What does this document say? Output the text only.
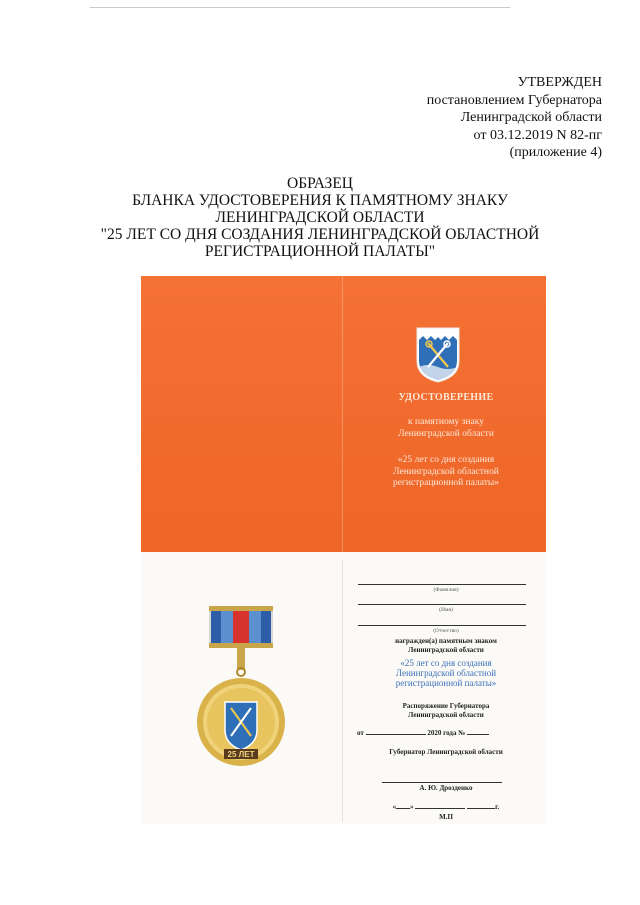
УТВЕРЖДЕН
постановлением Губернатора
Ленинградской области
от 03.12.2019 N 82-пг
(приложение 4)
ОБРАЗЕЦ
БЛАНКА УДОСТОВЕРЕНИЯ К ПАМЯТНОМУ ЗНАКУ
ЛЕНИНГРАДСКОЙ ОБЛАСТИ
"25 ЛЕТ СО ДНЯ СОЗДАНИЯ ЛЕНИНГРАДСКОЙ ОБЛАСТНОЙ
РЕГИСТРАЦИОННОЙ ПАЛАТЫ"
УДОСТОВЕРЕНИЕ
к памятному знаку
Ленинградской области
«25 лет со дня создания
Ленинградской областной
регистрационной палаты»
25 ЛЕТ
(Фамилия)
(Имя)
(Отчество)
награжден(а) памятным знаком
Ленинградской области
«25 лет со дня создания
Ленинградской областной
регистрационной палаты»
Распоряжение Губернатора
Ленинградской области
от	2020 года №
Губернатор Ленинградской области
А. Ю. Дрозденко
« »	г.
М.П
